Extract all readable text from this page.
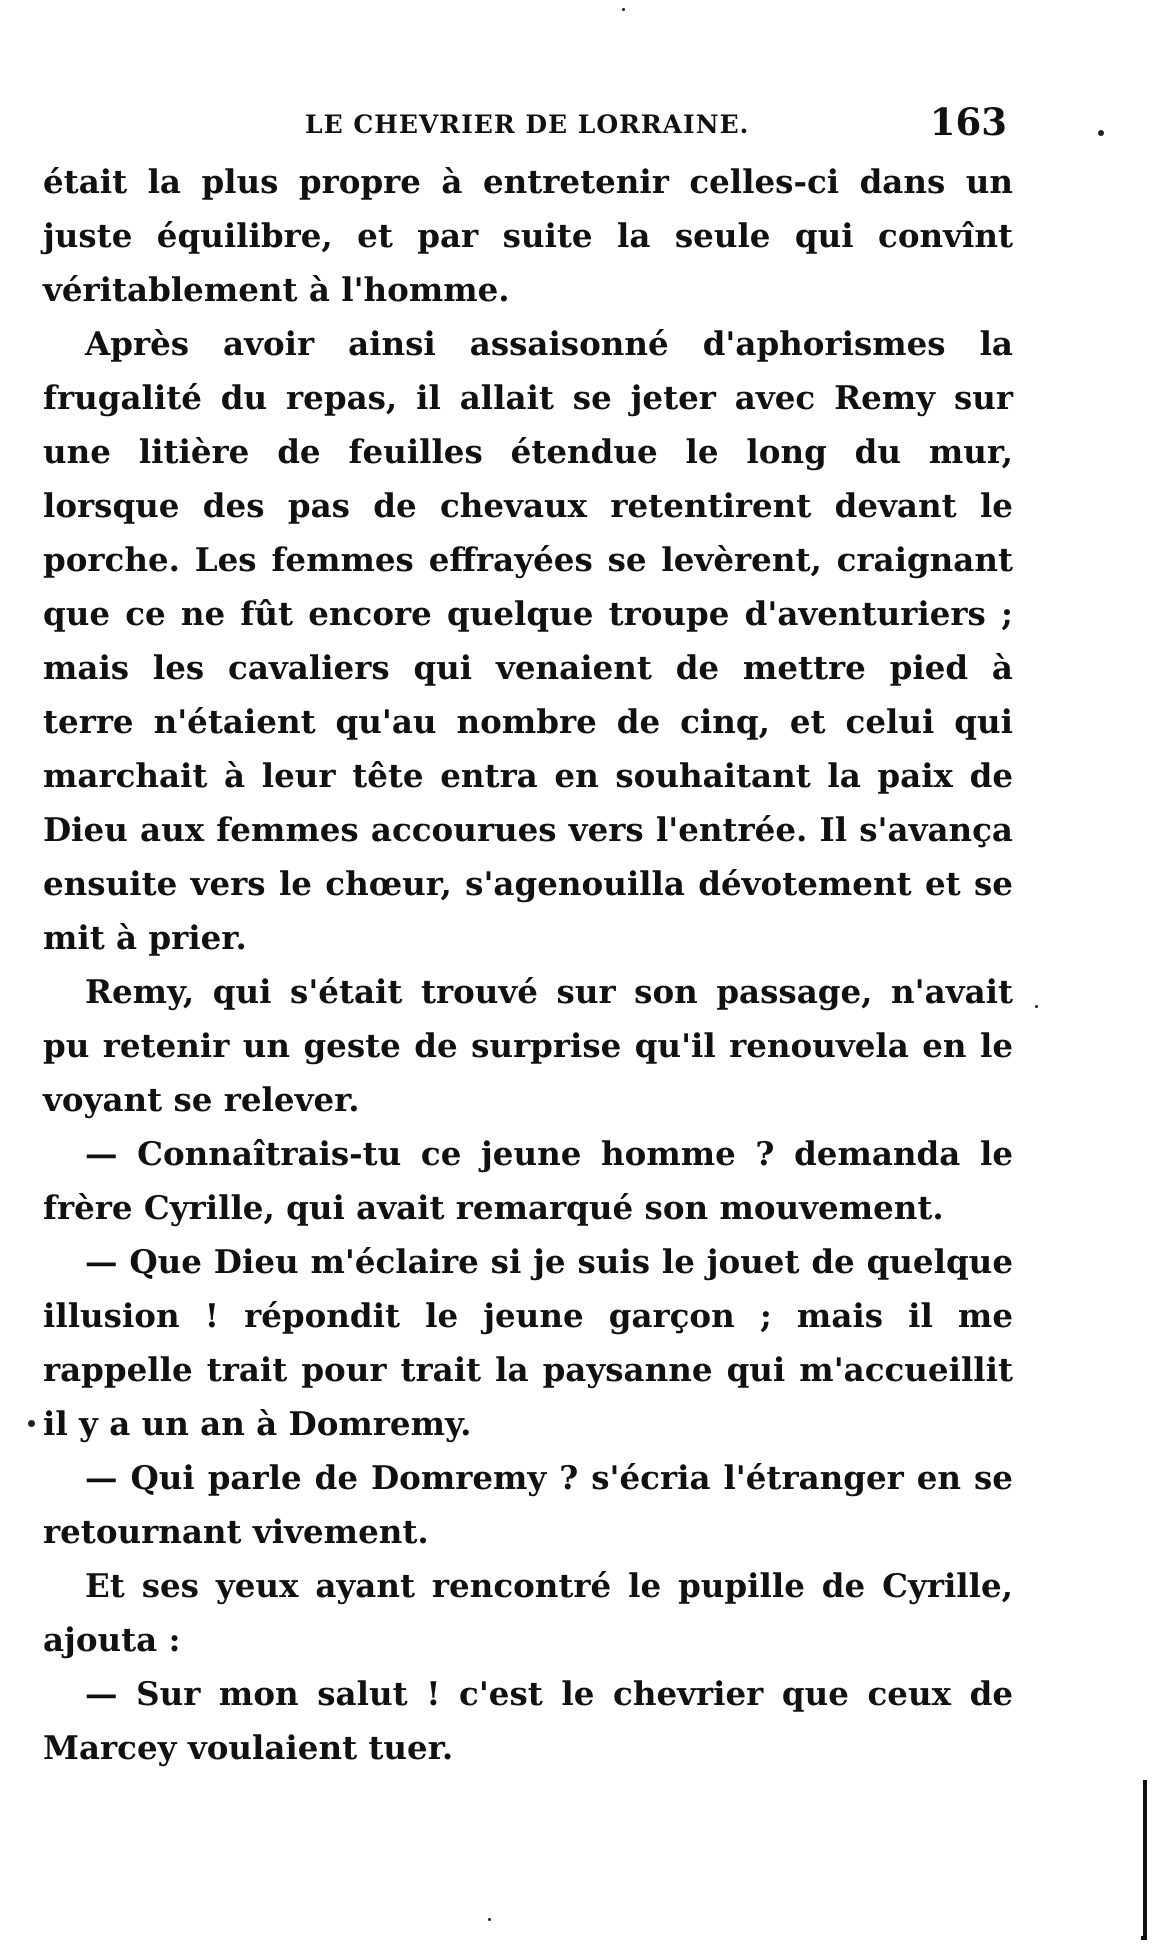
LE CHEVRIER DE LORRAINE.	163

était la plus propre à entretenir celles-ci dans un juste équilibre, et par suite la seule qui convînt véritablement à l'homme.

Après avoir ainsi assaisonné d'aphorismes la frugalité du repas, il allait se jeter avec Remy sur une litière de feuilles étendue le long du mur, lorsque des pas de chevaux retentirent devant le porche. Les femmes effrayées se levèrent, craignant que ce ne fût encore quelque troupe d'aventuriers ; mais les cavaliers qui venaient de mettre pied à terre n'étaient qu'au nombre de cinq, et celui qui marchait à leur tête entra en souhaitant la paix de Dieu aux femmes accourues vers l'entrée. Il s'avança ensuite vers le chœur, s'agenouilla dévotement et se mit à prier.

Remy, qui s'était trouvé sur son passage, n'avait pu retenir un geste de surprise qu'il renouvela en le voyant se relever.

— Connaîtrais-tu ce jeune homme ? demanda le frère Cyrille, qui avait remarqué son mouvement.

— Que Dieu m'éclaire si je suis le jouet de quelque illusion ! répondit le jeune garçon ; mais il me rappelle trait pour trait la paysanne qui m'accueillit il y a un an à Domremy.

— Qui parle de Domremy ? s'écria l'étranger en se retournant vivement.

Et ses yeux ayant rencontré le pupille de Cyrille, ajouta :

— Sur mon salut ! c'est le chevrier que ceux de Marcey voulaient tuer.
